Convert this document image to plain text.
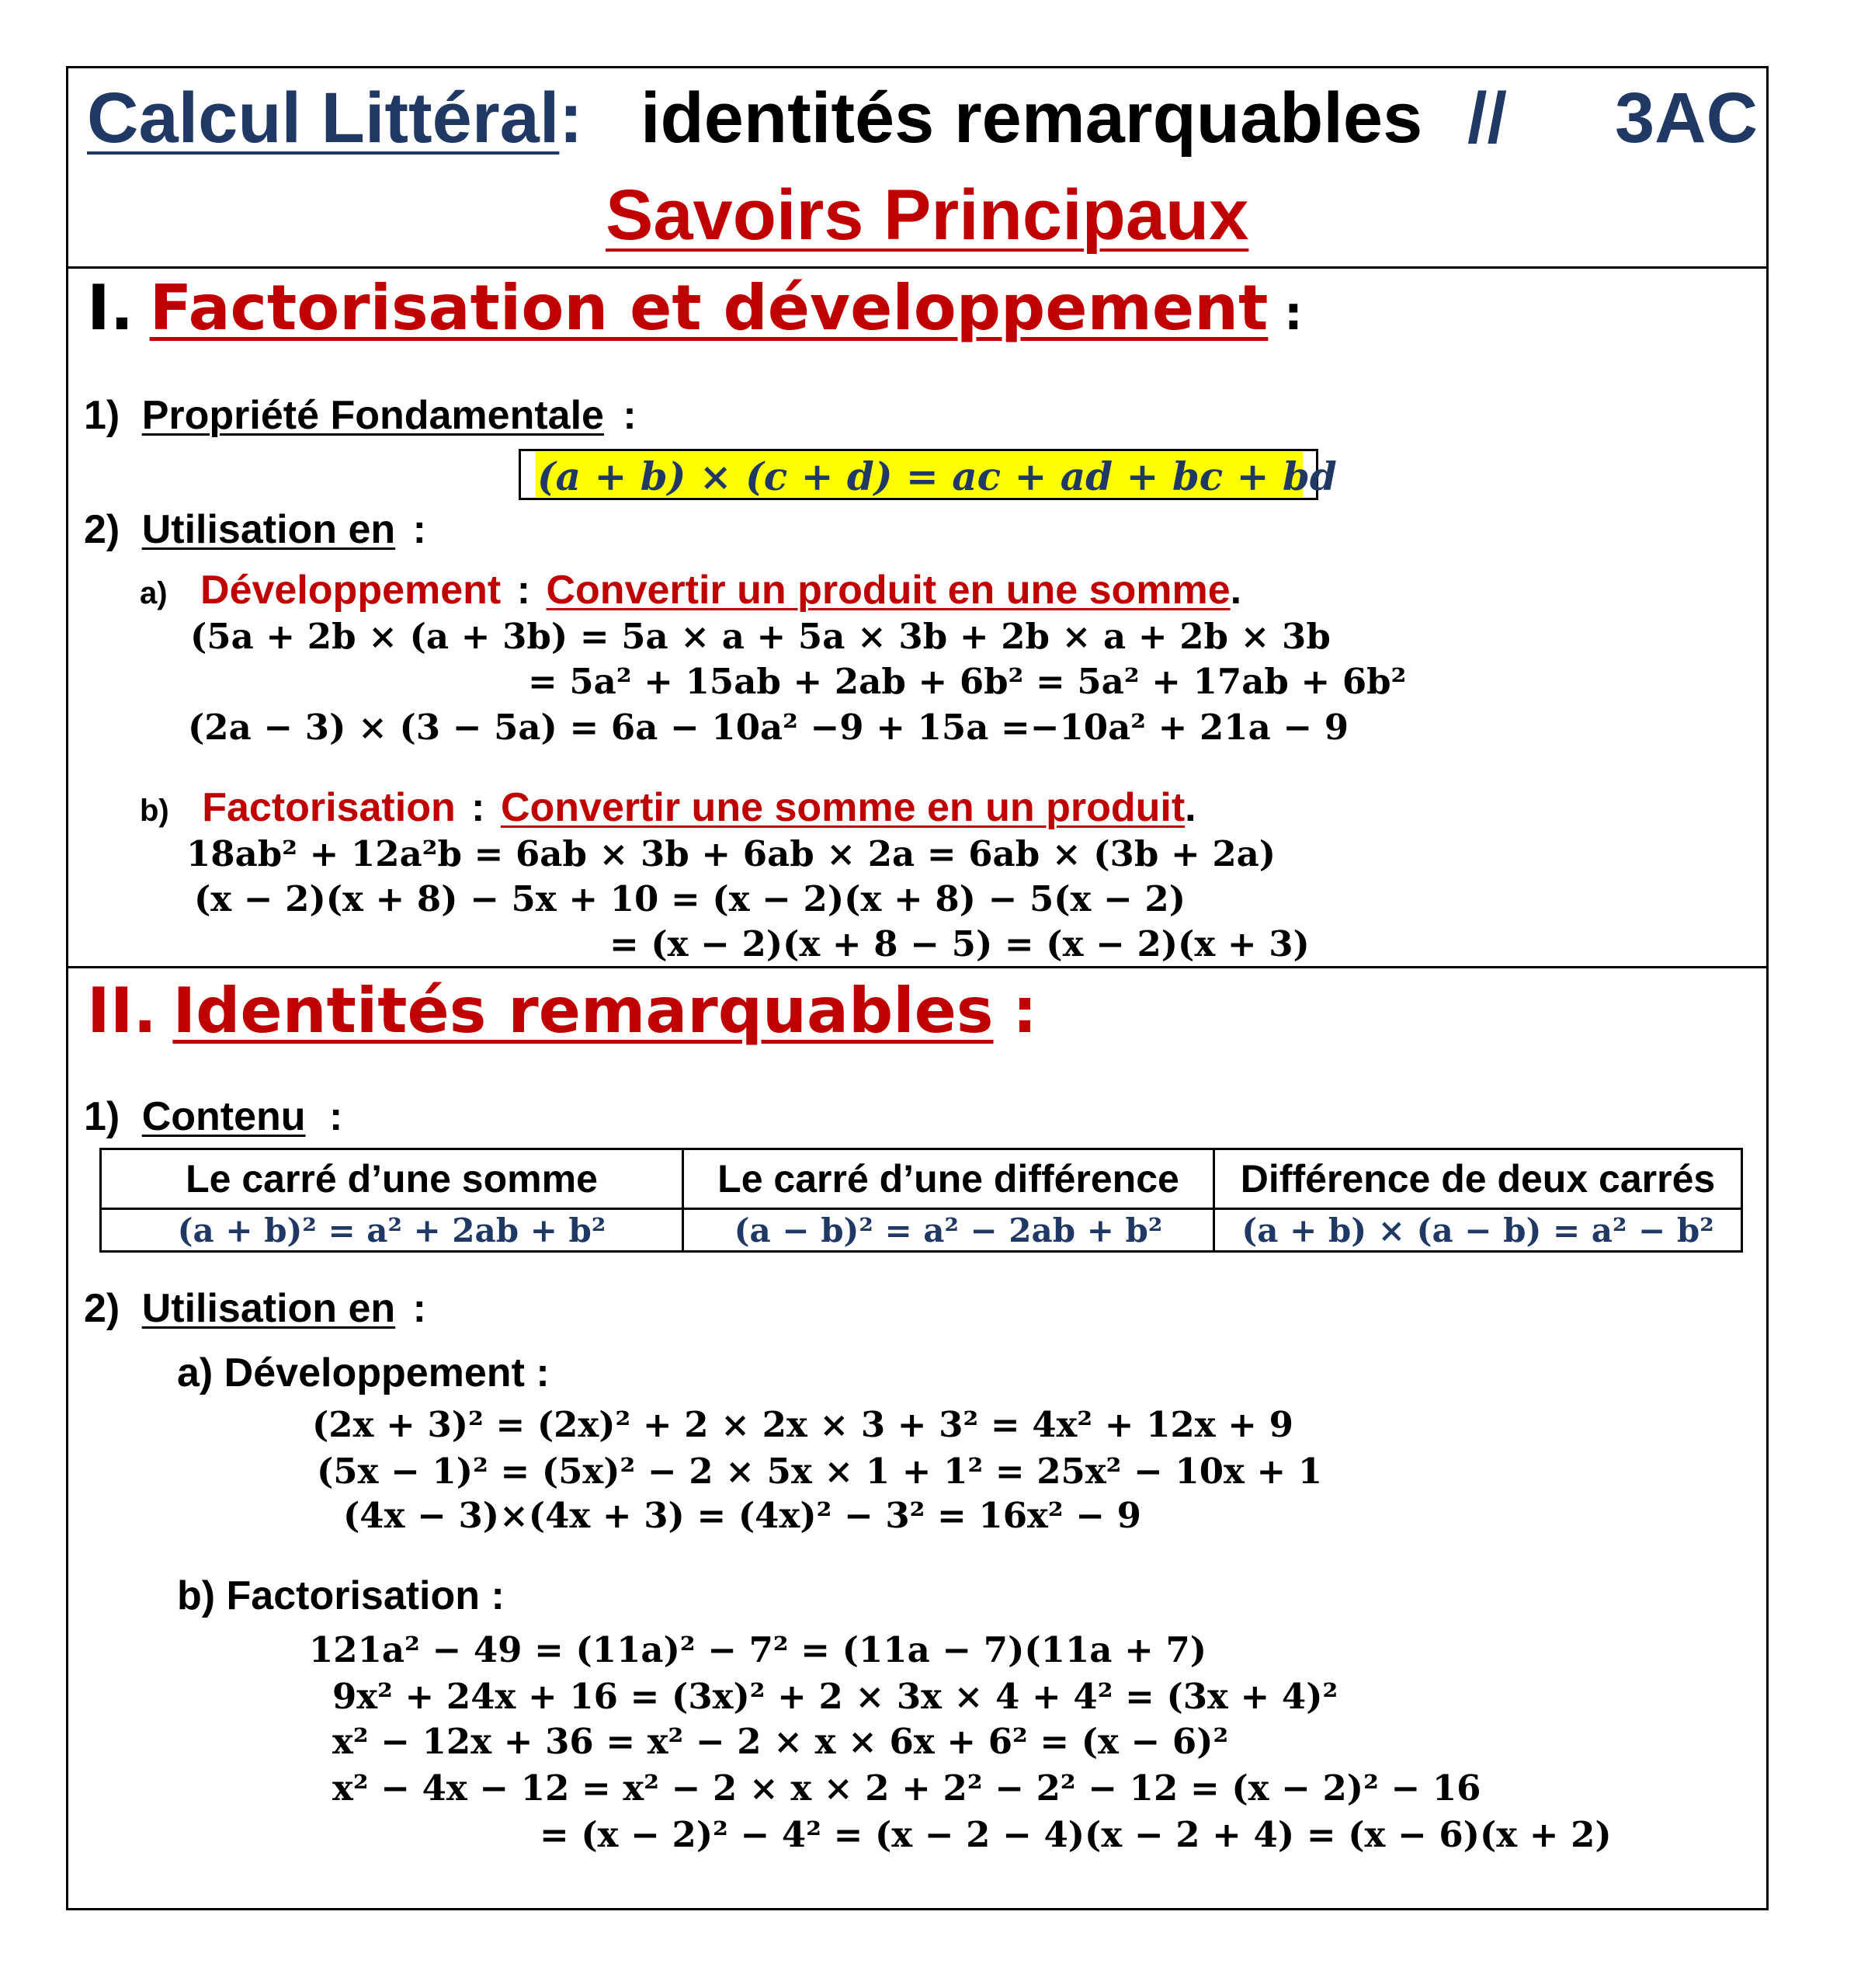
Calcul Littéral : identités remarquables // 3AC
Savoirs Principaux
I. Factorisation et développement :
1) Propriété Fondamentale :
(a + b) × (c + d) = ac + ad + bc + bd
2) Utilisation en :
a) Développement : Convertir un produit en une somme.
(5a + 2b × (a + 3b) = 5a × a + 5a × 3b + 2b × a + 2b × 3b
= 5a² + 15ab + 2ab + 6b² = 5a² + 17ab + 6b²
(2a − 3) × (3 − 5a) = 6a − 10a² −9 + 15a =−10a² + 21a − 9
b) Factorisation : Convertir une somme en un produit.
18ab² + 12a²b = 6ab × 3b + 6ab × 2a = 6ab × (3b + 2a)
(x − 2)(x + 8) − 5x + 10 = (x − 2)(x + 8) − 5(x − 2)
= (x − 2)(x + 8 − 5) = (x − 2)(x + 3)
II. Identités remarquables :
1) Contenu :
Le carré d’une somme	Le carré d’une différence	Différence de deux carrés
(a + b)² = a² + 2ab + b²	(a − b)² = a² − 2ab + b²	(a + b) × (a − b) = a² − b²
2) Utilisation en :
a) Développement :
(2x + 3)² = (2x)² + 2 × 2x × 3 + 3² = 4x² + 12x + 9
(5x − 1)² = (5x)² − 2 × 5x × 1 + 1² = 25x² − 10x + 1
(4x − 3)×(4x + 3) = (4x)² − 3² = 16x² − 9
b) Factorisation :
121a² − 49 = (11a)² − 7² = (11a − 7)(11a + 7)
9x² + 24x + 16 = (3x)² + 2 × 3x × 4 + 4² = (3x + 4)²
x² − 12x + 36 = x² − 2 × x × 6x + 6² = (x − 6)²
x² − 4x − 12 = x² − 2 × x × 2 + 2² − 2² − 12 = (x − 2)² − 16
= (x − 2)² − 4² = (x − 2 − 4)(x − 2 + 4) = (x − 6)(x + 2)
